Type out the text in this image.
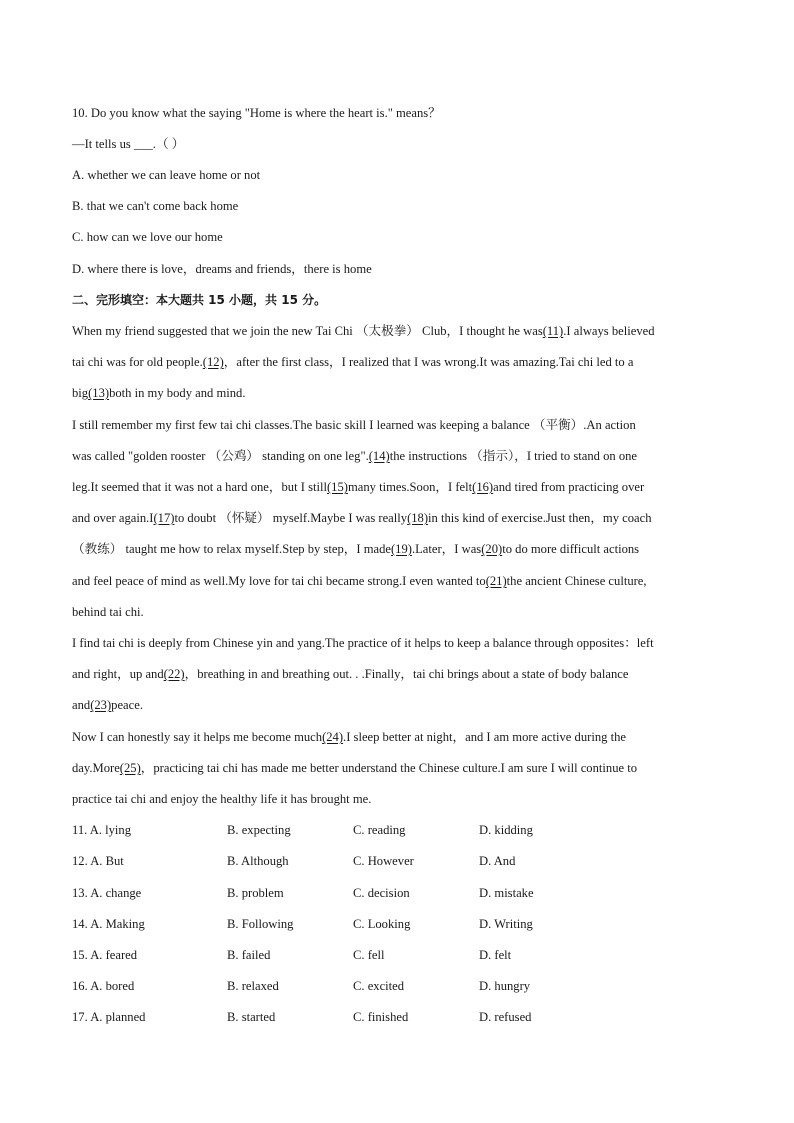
10. Do you know what the saying "Home is where the heart is." means？
—It tells us ___.（ ）
A. whether we can leave home or not
B. that we can't come back home
C. how can we love our home
D. where there is love，dreams and friends，there is home
二、完形填空：本大题共 15 小题，共 15 分。
When my friend suggested that we join the new Tai Chi （太极拳） Club，I thought he was(11).I always believed
tai chi was for old people.(12)，after the first class，I realized that I was wrong.It was amazing.Tai chi led to a
big(13)both in my body and mind.
I still remember my first few tai chi classes.The basic skill I learned was keeping a balance （平衡）.An action
was called "golden rooster （公鸡） standing on one leg".(14)the instructions （指示），I tried to stand on one
leg.It seemed that it was not a hard one，but I still(15)many times.Soon，I felt(16)and tired from practicing over
and over again.I(17)to doubt （怀疑） myself.Maybe I was really(18)in this kind of exercise.Just then，my coach
（教练） taught me how to relax myself.Step by step，I made(19).Later，I was(20)to do more difficult actions
and feel peace of mind as well.My love for tai chi became strong.I even wanted to(21)the ancient Chinese culture,
behind tai chi.
I find tai chi is deeply from Chinese yin and yang.The practice of it helps to keep a balance through opposites：left
and right，up and(22)，breathing in and breathing out. . .Finally，tai chi brings about a state of body balance
and(23)peace.
Now I can honestly say it helps me become much(24).I sleep better at night，and I am more active during the
day.More(25)，practicing tai chi has made me better understand the Chinese culture.I am sure I will continue to
practice tai chi and enjoy the healthy life it has brought me.
11. A. lying	B. expecting	C. reading	D. kidding
12. A. But	B. Although	C. However	D. And
13. A. change	B. problem	C. decision	D. mistake
14. A. Making	B. Following	C. Looking	D. Writing
15. A. feared	B. failed	C. fell	D. felt
16. A. bored	B. relaxed	C. excited	D. hungry
17. A. planned	B. started	C. finished	D. refused
